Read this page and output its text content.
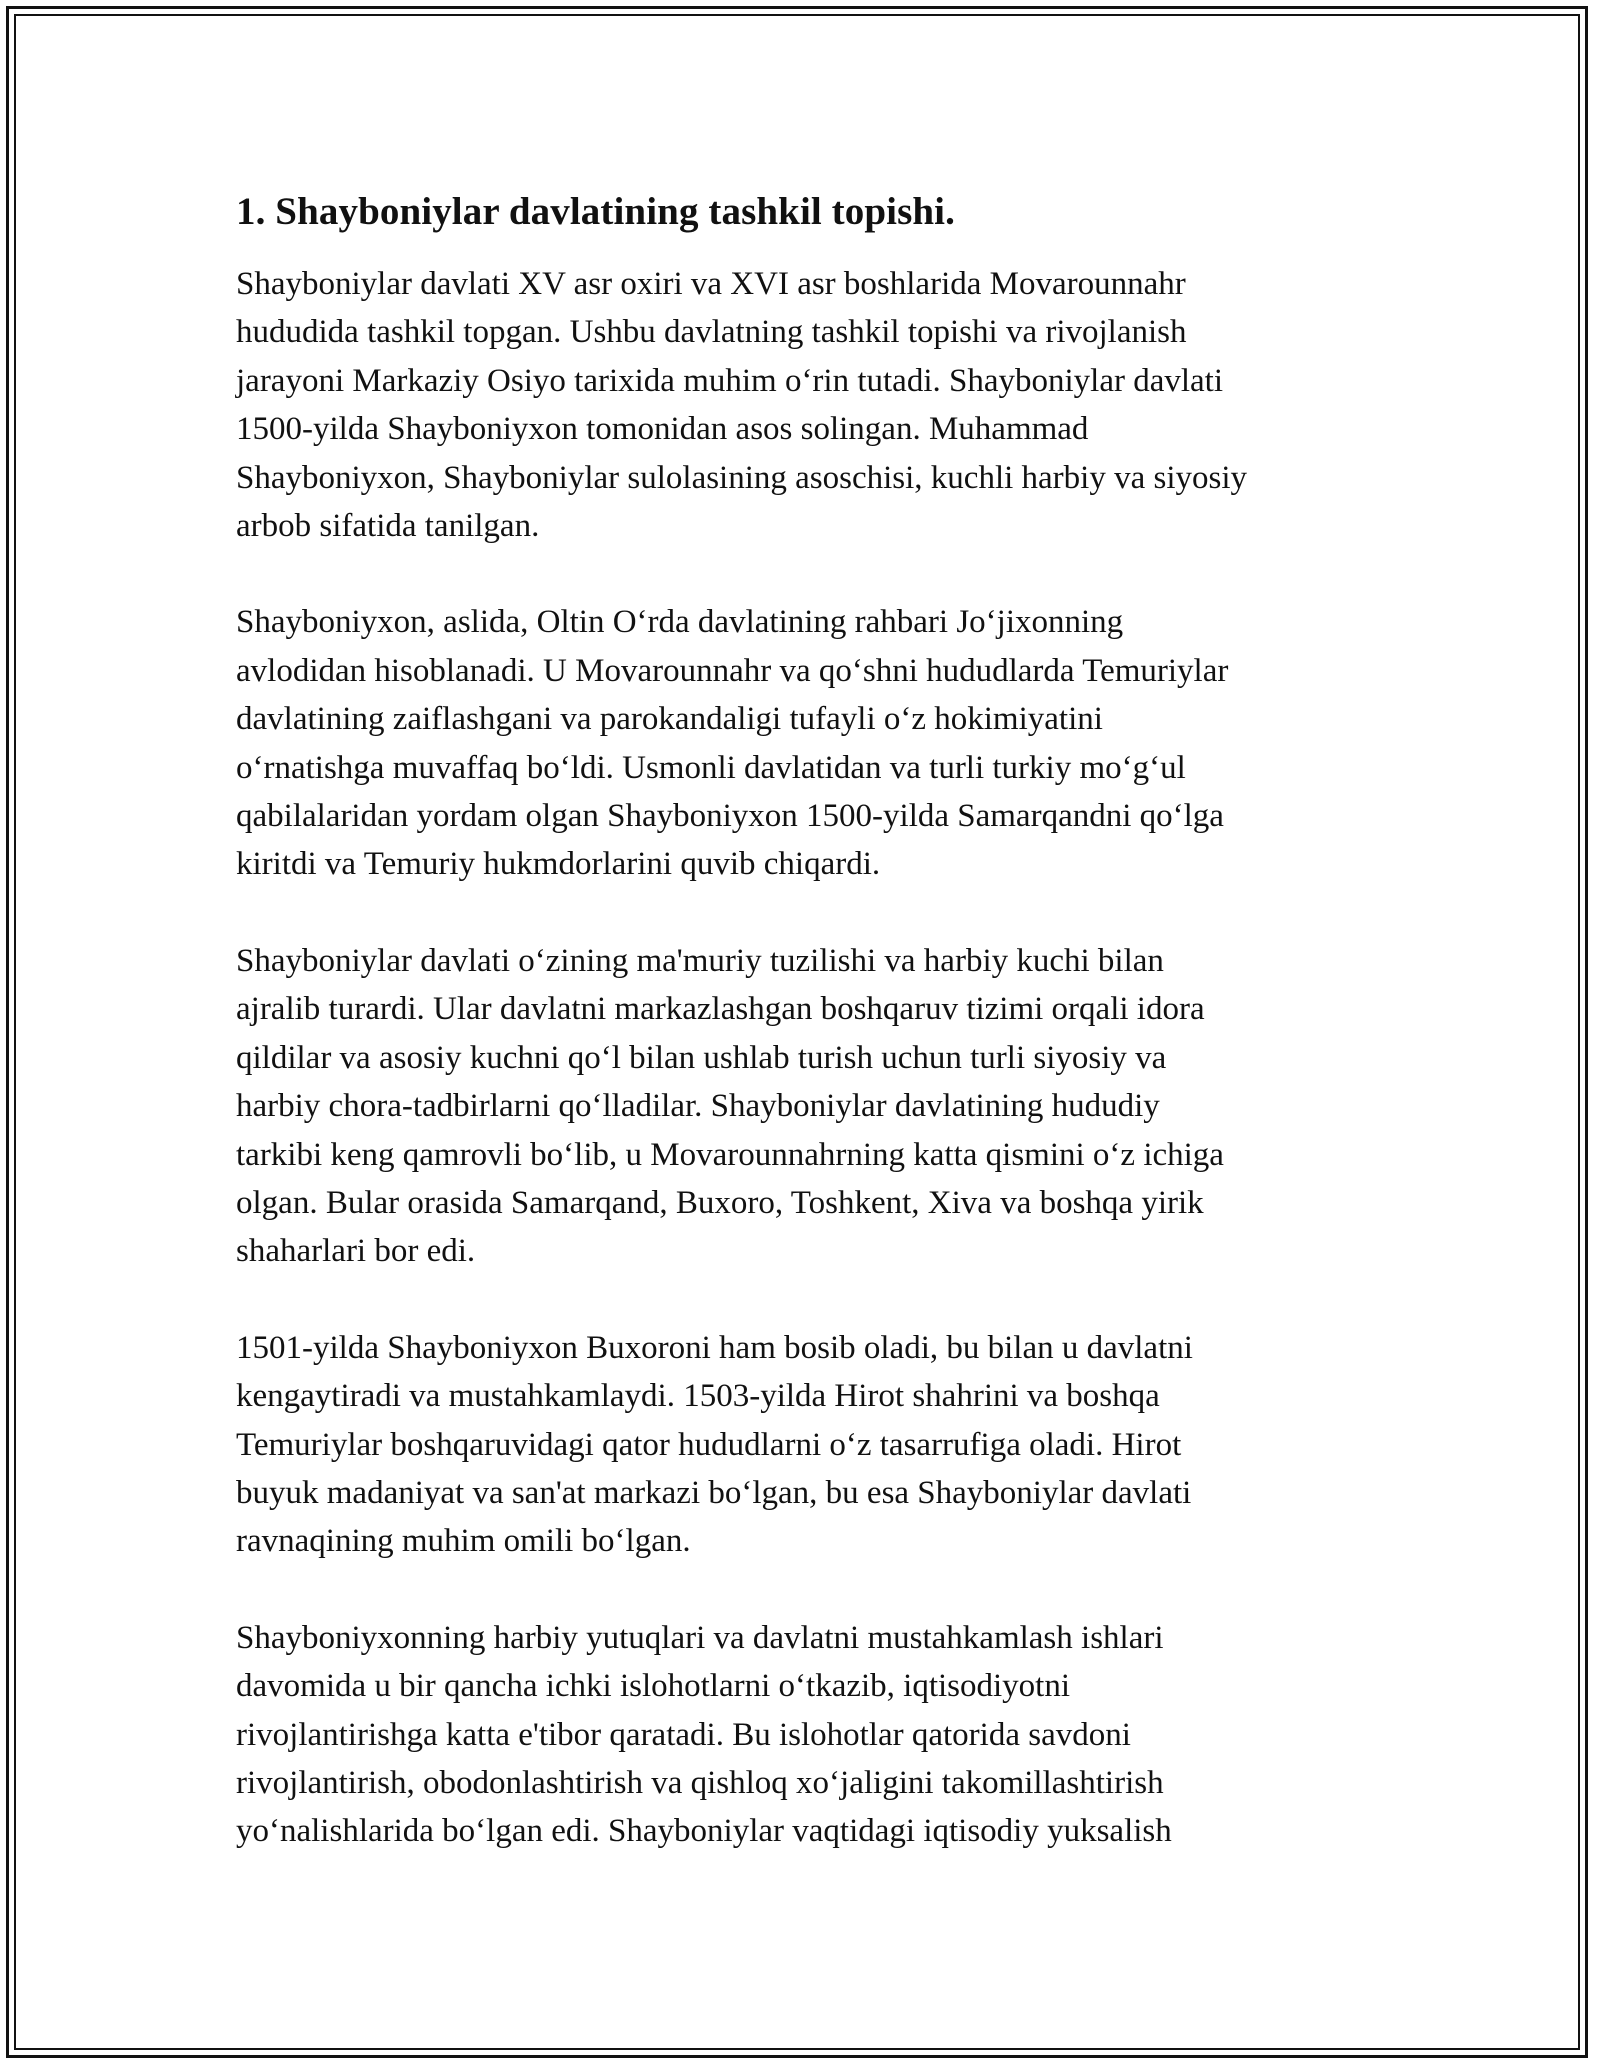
1. Shayboniylar davlatining tashkil topishi.

Shayboniylar davlati XV asr oxiri va XVI asr boshlarida Movarounnahr
hududida tashkil topgan. Ushbu davlatning tashkil topishi va rivojlanish
jarayoni Markaziy Osiyo tarixida muhim o‘rin tutadi. Shayboniylar davlati
1500-yilda Shayboniyxon tomonidan asos solingan. Muhammad
Shayboniyxon, Shayboniylar sulolasining asoschisi, kuchli harbiy va siyosiy
arbob sifatida tanilgan.

Shayboniyxon, aslida, Oltin O‘rda davlatining rahbari Jo‘jixonning
avlodidan hisoblanadi. U Movarounnahr va qo‘shni hududlarda Temuriylar
davlatining zaiflashgani va parokandaligi tufayli o‘z hokimiyatini
o‘rnatishga muvaffaq bo‘ldi. Usmonli davlatidan va turli turkiy mo‘g‘ul
qabilalaridan yordam olgan Shayboniyxon 1500-yilda Samarqandni qo‘lga
kiritdi va Temuriy hukmdorlarini quvib chiqardi.

Shayboniylar davlati o‘zining ma'muriy tuzilishi va harbiy kuchi bilan
ajralib turardi. Ular davlatni markazlashgan boshqaruv tizimi orqali idora
qildilar va asosiy kuchni qo‘l bilan ushlab turish uchun turli siyosiy va
harbiy chora-tadbirlarni qo‘lladilar. Shayboniylar davlatining hududiy
tarkibi keng qamrovli bo‘lib, u Movarounnahrning katta qismini o‘z ichiga
olgan. Bular orasida Samarqand, Buxoro, Toshkent, Xiva va boshqa yirik
shaharlari bor edi.

1501-yilda Shayboniyxon Buxoroni ham bosib oladi, bu bilan u davlatni
kengaytiradi va mustahkamlaydi. 1503-yilda Hirot shahrini va boshqa
Temuriylar boshqaruvidagi qator hududlarni o‘z tasarrufiga oladi. Hirot
buyuk madaniyat va san'at markazi bo‘lgan, bu esa Shayboniylar davlati
ravnaqining muhim omili bo‘lgan.

Shayboniyxonning harbiy yutuqlari va davlatni mustahkamlash ishlari
davomida u bir qancha ichki islohotlarni o‘tkazib, iqtisodiyotni
rivojlantirishga katta e'tibor qaratadi. Bu islohotlar qatorida savdoni
rivojlantirish, obodonlashtirish va qishloq xo‘jaligini takomillashtirish
yo‘nalishlarida bo‘lgan edi. Shayboniylar vaqtidagi iqtisodiy yuksalish
